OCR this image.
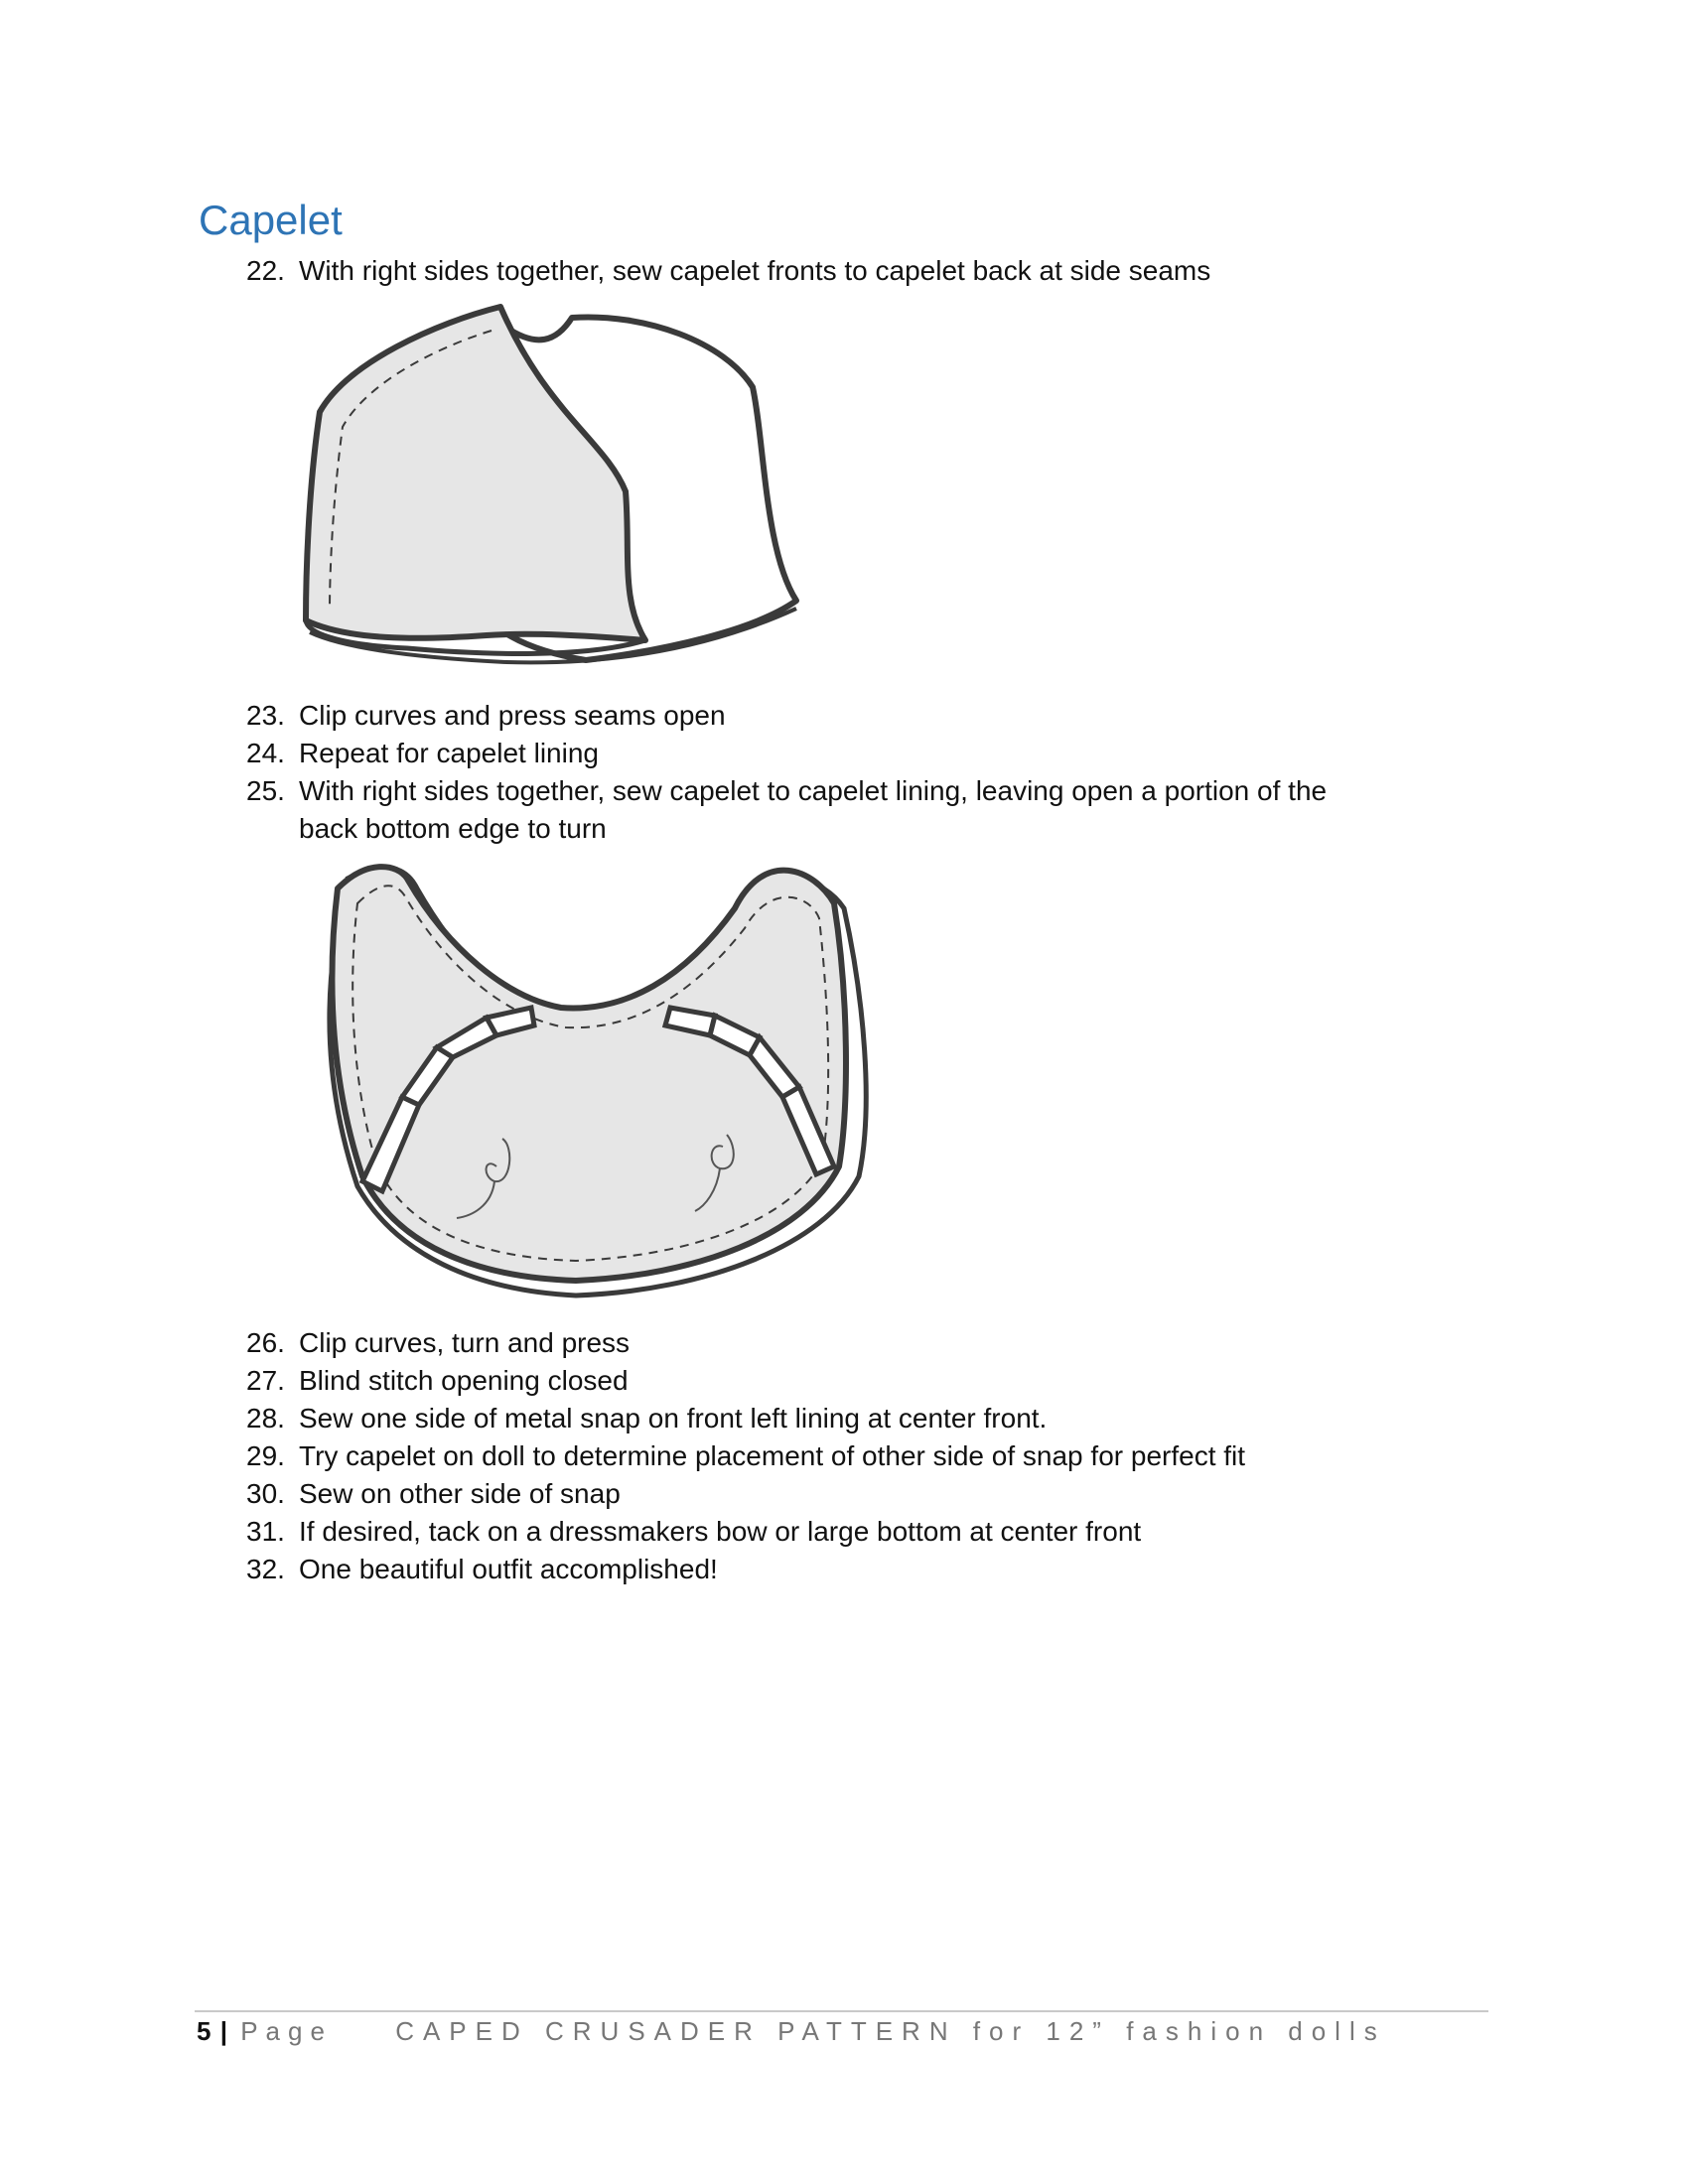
Capelet
22. With right sides together, sew capelet fronts to capelet back at side seams
23. Clip curves and press seams open
24. Repeat for capelet lining
25. With right sides together, sew capelet to capelet lining, leaving open a portion of the back bottom edge to turn
26. Clip curves, turn and press
27. Blind stitch opening closed
28. Sew one side of metal snap on front left lining at center front.
29. Try capelet on doll to determine placement of other side of snap for perfect fit
30. Sew on other side of snap
31. If desired, tack on a dressmakers bow or large bottom at center front
32. One beautiful outfit accomplished!
5 | Page CAPED CRUSADER PATTERN for 12” fashion dolls
